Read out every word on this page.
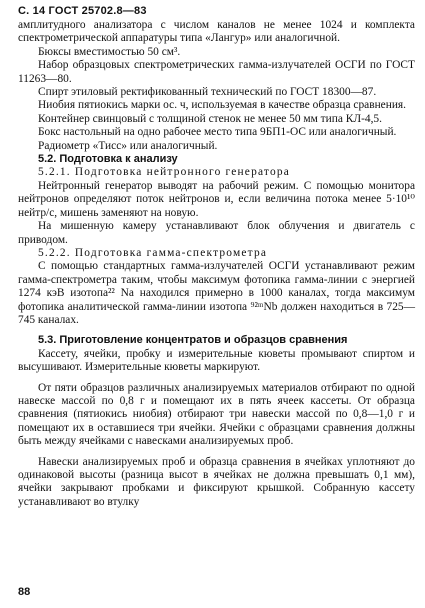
С. 14 ГОСТ 25702.8—83

амплитудного анализатора с числом каналов не менее 1024 и комплекта спектрометрической аппаратуры типа «Лангур» или аналогичной.

Бюксы вместимостью 50 см³.

Набор образцовых спектрометрических гамма-излучателей ОСГИ по ГОСТ 11263—80.

Спирт этиловый ректификованный технический по ГОСТ 18300—87.

Ниобия пятиокись марки ос. ч, используемая в качестве образца сравнения.

Контейнер свинцовый с толщиной стенок не менее 50 мм типа КЛ-4,5.

Бокс настольный на одно рабочее место типа 9БП1-ОС или аналогичный.

Радиометр «Тисс» или аналогичный.

5.2. Подготовка к анализу

5.2.1. Подготовка нейтронного генератора

Нейтронный генератор выводят на рабочий режим. С помощью монитора нейтронов определяют поток нейтронов и, если величина потока менее 5·10¹⁰ нейтр/с, мишень заменяют на новую.

На мишенную камеру устанавливают блок облучения и двигатель с приводом.

5.2.2. Подготовка гамма-спектрометра

С помощью стандартных гамма-излучателей ОСГИ устанавливают режим гамма-спектрометра таким, чтобы максимум фотопика гамма-линии с энергией 1274 кэВ изотопа²² Na находился примерно в 1000 каналах, тогда максимум фотопика аналитической гамма-линии изотопа ⁹²ᵐNb должен находиться в 725—745 каналах.

5.3. Приготовление концентратов и образцов сравнения

Кассету, ячейки, пробку и измерительные кюветы промывают спиртом и высушивают. Измерительные кюветы маркируют.

От пяти образцов различных анализируемых материалов отбирают по одной навеске массой по 0,8 г и помещают их в пять ячеек кассеты. От образца сравнения (пятиокись ниобия) отбирают три навески массой по 0,8—1,0 г и помещают их в оставшиеся три ячейки. Ячейки с образцами сравнения должны быть между ячейками с навесками анализируемых проб.

Навески анализируемых проб и образца сравнения в ячейках уплотняют до одинаковой высоты (разница высот в ячейках не должна превышать 0,1 мм), ячейки закрывают пробками и фиксируют крышкой. Собранную кассету устанавливают во втулку

88
